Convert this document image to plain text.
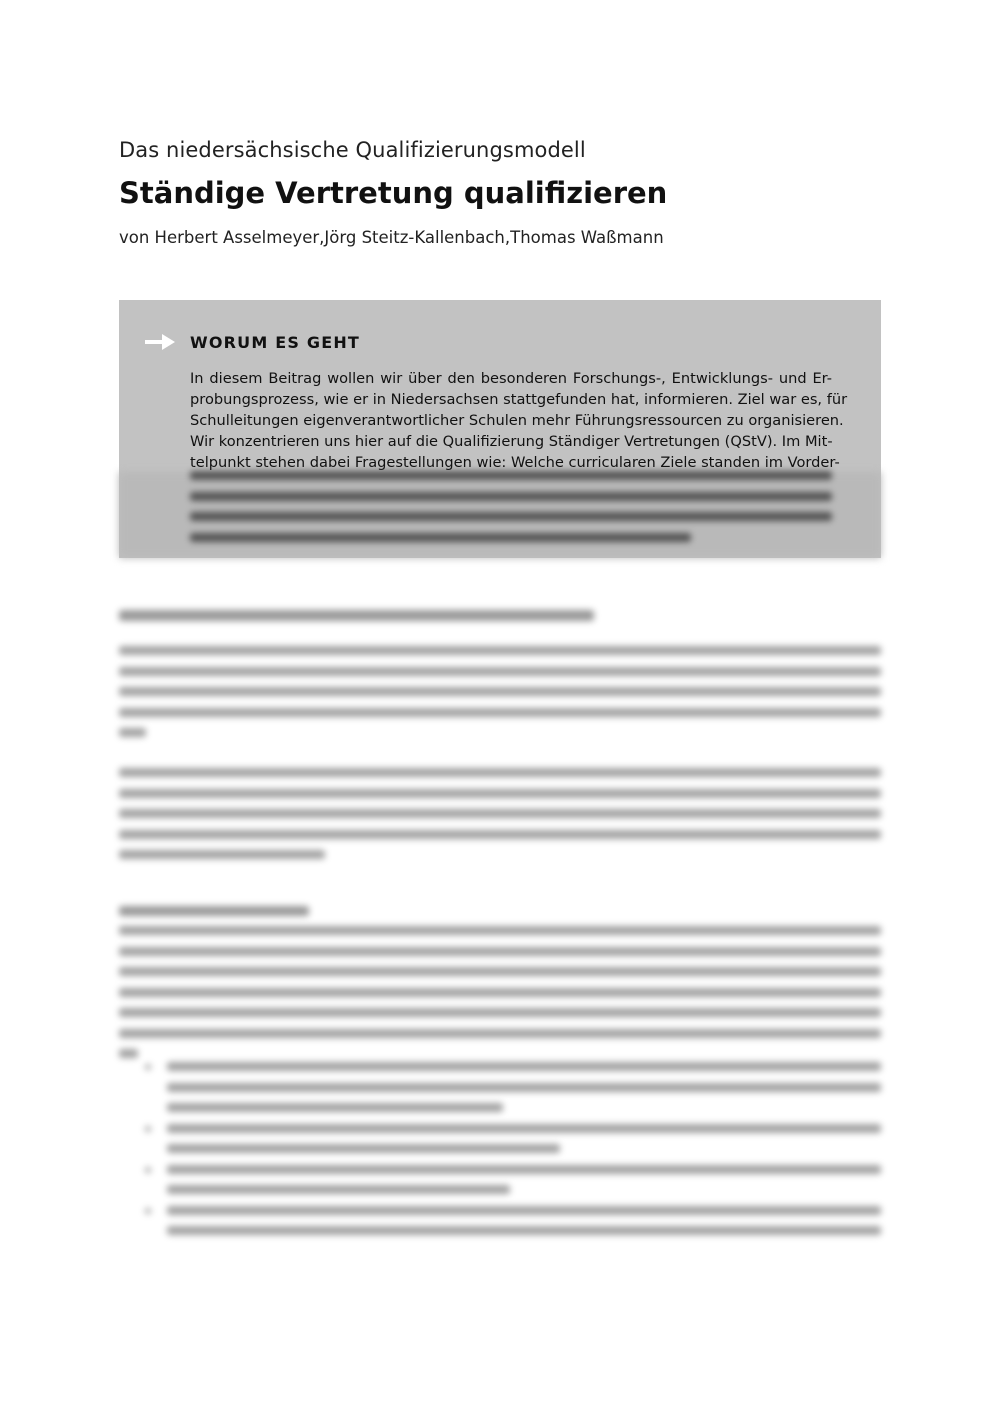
Das niedersächsische Qualifizierungsmodell
Ständige Vertretung qualifizieren
von Herbert Asselmeyer,Jörg Steitz-Kallenbach,Thomas Waßmann
WORUM ES GEHT
In diesem Beitrag wollen wir über den besonderen Forschungs-, Entwicklungs- und Er-
probungsprozess, wie er in Niedersachsen stattgefunden hat, informieren. Ziel war es, für
Schulleitungen eigenverantwortlicher Schulen mehr Führungsressourcen zu organisieren.
Wir konzentrieren uns hier auf die Qualifizierung Ständiger Vertretungen (QStV). Im Mit-
telpunkt stehen dabei Fragestellungen wie: Welche curricularen Ziele standen im Vorder-
